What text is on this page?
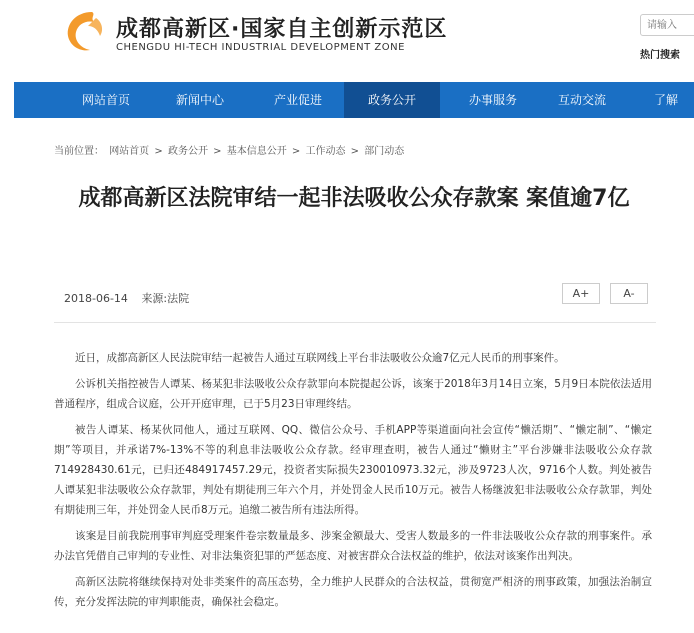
成都高新区·国家自主创新示范区
CHENGDU HI-TECH INDUSTRIAL DEVELOPMENT ZONE
请输入
热门搜索
网站首页	新闻中心	产业促进	政务公开	办事服务	互动交流	了解
当前位置： 网站首页 > 政务公开 > 基本信息公开 > 工作动态 > 部门动态
成都高新区法院审结一起非法吸收公众存款案 案值逾7亿
2018-06-14 来源:法院	A+	A-

近日，成都高新区人民法院审结一起被告人通过互联网线上平台非法吸收公众逾7亿元人民币的刑事案件。

公诉机关指控被告人谭某、杨某犯非法吸收公众存款罪向本院提起公诉，该案于2018年3月14日立案，5月9日本院依法适用普通程序，组成合议庭，公开开庭审理，已于5月23日审理终结。

被告人谭某、杨某伙同他人，通过互联网、QQ、微信公众号、手机APP等渠道面向社会宣传“懒活期”、“懒定制”、“懒定期”等项目，并承诺7%-13%不等的利息非法吸收公众存款。经审理查明，被告人通过“懒财主”平台涉嫌非法吸收公众存款714928430.61元，已归还484917457.29元，投资者实际损失230010973.32元，涉及9723人次，9716个人数。判处被告人谭某犯非法吸收公众存款罪，判处有期徒刑三年六个月，并处罚金人民币10万元。被告人杨继波犯非法吸收公众存款罪，判处有期徒刑三年，并处罚金人民币8万元。追缴二被告所有违法所得。

该案是目前我院刑事审判庭受理案件卷宗数量最多、涉案金额最大、受害人数最多的一件非法吸收公众存款的刑事案件。承办法官凭借自己审判的专业性、对非法集资犯罪的严惩态度、对被害群众合法权益的维护，依法对该案作出判决。

高新区法院将继续保持对处非类案件的高压态势，全力维护人民群众的合法权益，贯彻宽严相济的刑事政策，加强法治制宣传，充分发挥法院的审判职能责，确保社会稳定。
